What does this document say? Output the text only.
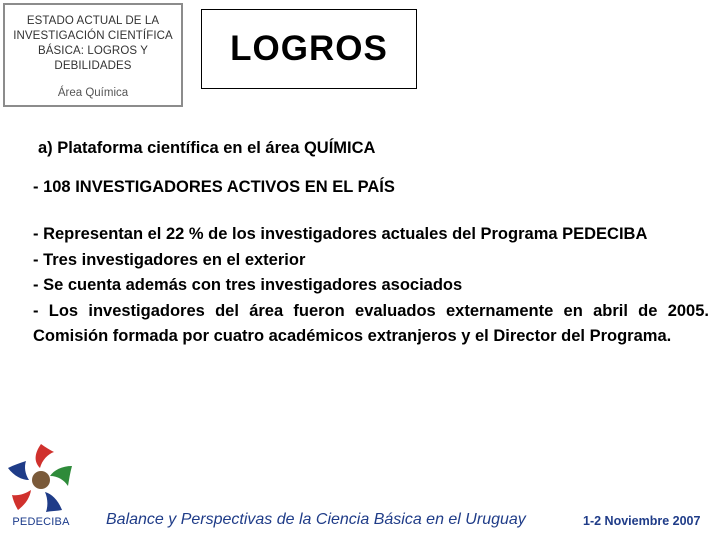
ESTADO ACTUAL DE LA INVESTIGACIÓN CIENTÍFICA BÁSICA: LOGROS Y DEBILIDADES
Área Química
LOGROS
a) Plataforma científica en el área QUÍMICA
- 108 INVESTIGADORES ACTIVOS EN EL PAÍS
- Representan el 22 % de los investigadores actuales del Programa PEDECIBA
- Tres investigadores en el exterior
- Se cuenta además con tres investigadores asociados
- Los investigadores del área fueron evaluados externamente en abril de 2005. Comisión formada por cuatro académicos extranjeros y el Director del Programa.
PEDECIBA	Balance y Perspectivas de la Ciencia Básica en el Uruguay	1-2 Noviembre 2007
